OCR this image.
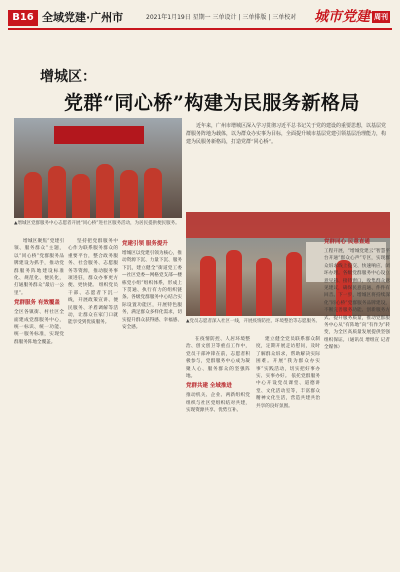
B16 全域党建·广州市	2021年1月19日 星期一 三单设计 | 三单排版 | 三单校对 城市党建 周刊
增城区：
党群“同心桥”构建为民服务新格局
近年来，广州市增城区深入学习贯彻习近平总书记关于党的建设的重要思想，以基层党群服务阵地为载体，以为群众办实事为目标，全面提升城市基层党建引领基层治理能力，构建为民服务新格局，打造党群“同心桥”。
▲增城区党群服务中心志愿者开展“同心桥”进社区服务活动，为居民提供便民服务。
▲党员志愿者深入社区一线，开展疫情防控、环境整治等志愿服务。
增城区聚焦“党建引领、服务群众”主题，以“同心桥”党群服务品牌建设为抓手，推动党群服务阵地建设标准化、规范化、便民化，打通服务群众“最后一公里”。
党群服务 有效覆盖
全区各镇街、村社区全面建成党群服务中心，统一标识、统一功能、统一服务标准，实现党群服务阵地全覆盖。
坚持把党群服务中心作为联系服务群众的重要平台，整合政务服务、社会服务、志愿服务等资源，推动服务事项进驻，群众办事更方便、更快捷。 组织党员干部、志愿者下沉一线，开展政策宣讲、便民服务、矛盾调解等活动，让群众在家门口就能享受到优质服务。
党建引领 服务提升
增城区以党建引领为核心，推动资源下沉、力量下沉、服务下沉，建立健全“街道党工委—社区党委—网格党支部—楼栋党小组”组织体系，形成上下贯通、执行有力的组织链条。各级党群服务中心结合实际设置功能区，开展特色服务，满足群众多样化需求，切实提升群众获得感、幸福感、安全感。
在疫情防控、人居环境整治、创文创卫等重点工作中，党员干部冲锋在前，志愿者积极参与，党群服务中心成为凝聚人心、服务群众的坚强阵地。
党群共建 全域推进
推动机关、企业、两新组织党组织与社区党组织结对共建，实现资源共享、优势互补。
建立健全党员联系群众制度，定期开展走访慰问，及时了解群众诉求，帮助解决实际困难。开展“我为群众办实事”实践活动，切实把好事办实、实事办好。 依托党群服务中心开设党员课堂、道德讲堂、文化活动室等，丰富群众精神文化生活，营造共建共治共享的良好氛围。
党群同心 民意直通
工程开展，“增城党建云”智慧平台开通“群众心声”专区，实现群众诉求线上提交、快速响应、闭环办理。各级党群服务中心设立意见箱、接待窗口，收集群众意见建议，确保民意直通、件件有回音。下一步，增城区将持续深化“同心桥”党群服务品牌建设，不断完善服务功能、创新服务方式、提升服务质量，推动党群服务中心从“有阵地”向“有作为”转变，为全区高质量发展提供坚强组织保证。（通讯员 增组宣 记者 全媒体）
